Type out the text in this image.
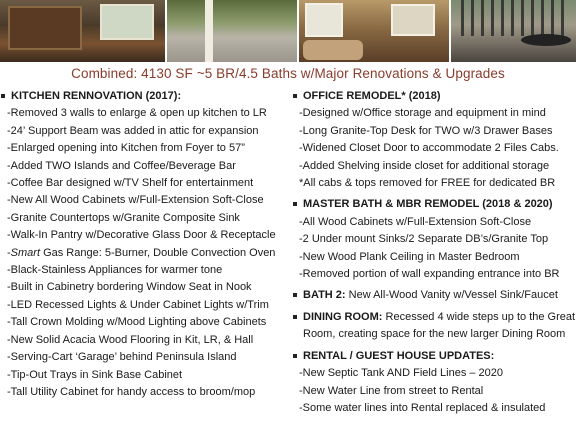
Combined: 4130 SF ~5 BR/4.5 Baths w/Major Renovations & Upgrades
KITCHEN RENNOVATION (2017):
-Removed 3 walls to enlarge & open up kitchen to LR
-24’ Support Beam was added in attic for expansion
-Enlarged opening into Kitchen from Foyer to 57”
-Added TWO Islands and Coffee/Beverage Bar
-Coffee Bar designed w/TV Shelf for entertainment
-New All Wood Cabinets w/Full-Extension Soft-Close
-Granite Countertops w/Granite Composite Sink
-Walk-In Pantry w/Decorative Glass Door & Receptacle
-Smart Gas Range: 5-Burner, Double Convection Oven
-Black-Stainless Appliances for warmer tone
-Built in Cabinetry bordering Window Seat in Nook
-LED Recessed Lights & Under Cabinet Lights w/Trim
-Tall Crown Molding w/Mood Lighting above Cabinets
-New Solid Acacia Wood Flooring in Kit, LR, & Hall
-Serving-Cart ‘Garage’ behind Peninsula Island
-Tip-Out Trays in Sink Base Cabinet
-Tall Utility Cabinet for handy access to broom/mop
OFFICE REMODEL* (2018)
-Designed w/Office storage and equipment in mind
-Long Granite-Top Desk for TWO w/3 Drawer Bases
-Widened Closet Door to accommodate 2 Files Cabs.
-Added Shelving inside closet for additional storage
*All cabs & tops removed for FREE for dedicated BR
MASTER BATH & MBR REMODEL (2018 & 2020)
-All Wood Cabinets w/Full-Extension Soft-Close
-2 Under mount Sinks/2 Separate DB’s/Granite Top
-New Wood Plank Ceiling in Master Bedroom
-Removed portion of wall expanding entrance into BR
BATH 2: New All-Wood Vanity w/Vessel Sink/Faucet
DINING ROOM: Recessed 4 wide steps up to the Great Room, creating space for the new larger Dining Room
RENTAL / GUEST HOUSE UPDATES:
-New Septic Tank AND Field Lines – 2020
-New Water Line from street to Rental
-Some water lines into Rental replaced & insulated
